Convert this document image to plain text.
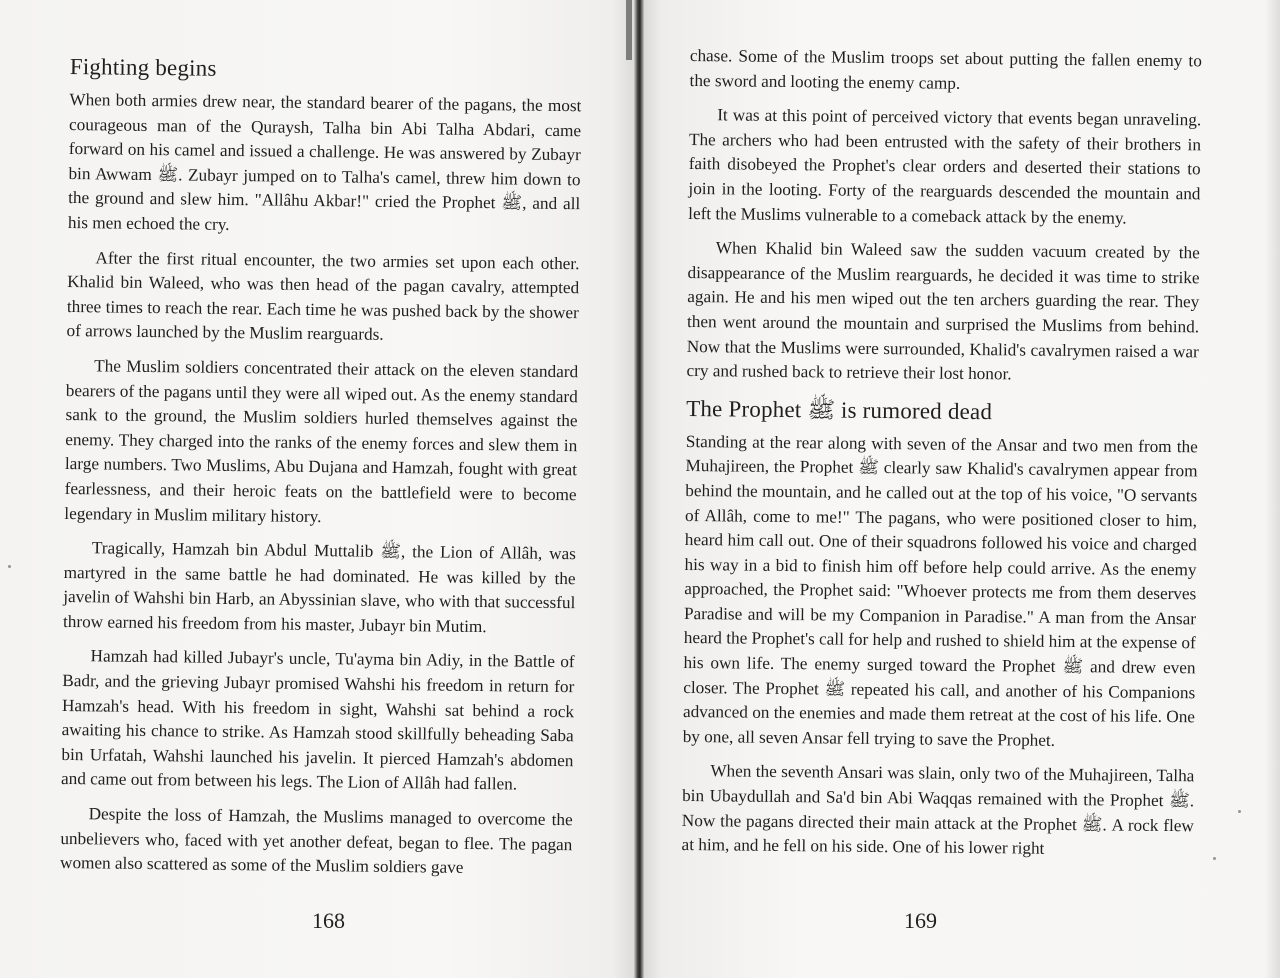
Fighting begins

When both armies drew near, the standard bearer of the pagans, the most courageous man of the Quraysh, Talha bin Abi Talha Abdari, came forward on his camel and issued a challenge. He was answered by Zubayr bin Awwam ﷺ. Zubayr jumped on to Talha's camel, threw him down to the ground and slew him. "Allâhu Akbar!" cried the Prophet ﷺ, and all his men echoed the cry.

After the first ritual encounter, the two armies set upon each other. Khalid bin Waleed, who was then head of the pagan cavalry, attempted three times to reach the rear. Each time he was pushed back by the shower of arrows launched by the Muslim rearguards.

The Muslim soldiers concentrated their attack on the eleven standard bearers of the pagans until they were all wiped out. As the enemy standard sank to the ground, the Muslim soldiers hurled themselves against the enemy. They charged into the ranks of the enemy forces and slew them in large numbers. Two Muslims, Abu Dujana and Hamzah, fought with great fearlessness, and their heroic feats on the battlefield were to become legendary in Muslim military history.

Tragically, Hamzah bin Abdul Muttalib ﷺ, the Lion of Allâh, was martyred in the same battle he had dominated. He was killed by the javelin of Wahshi bin Harb, an Abyssinian slave, who with that successful throw earned his freedom from his master, Jubayr bin Mutim.

Hamzah had killed Jubayr's uncle, Tu'ayma bin Adiy, in the Battle of Badr, and the grieving Jubayr promised Wahshi his freedom in return for Hamzah's head. With his freedom in sight, Wahshi sat behind a rock awaiting his chance to strike. As Hamzah stood skillfully beheading Saba bin Urfatah, Wahshi launched his javelin. It pierced Hamzah's abdomen and came out from between his legs. The Lion of Allâh had fallen.

Despite the loss of Hamzah, the Muslims managed to overcome the unbelievers who, faced with yet another defeat, began to flee. The pagan women also scattered as some of the Muslim soldiers gave

168

chase. Some of the Muslim troops set about putting the fallen enemy to the sword and looting the enemy camp.

It was at this point of perceived victory that events began unraveling. The archers who had been entrusted with the safety of their brothers in faith disobeyed the Prophet's clear orders and deserted their stations to join in the looting. Forty of the rearguards descended the mountain and left the Muslims vulnerable to a comeback attack by the enemy.

When Khalid bin Waleed saw the sudden vacuum created by the disappearance of the Muslim rearguards, he decided it was time to strike again. He and his men wiped out the ten archers guarding the rear. They then went around the mountain and surprised the Muslims from behind. Now that the Muslims were surrounded, Khalid's cavalrymen raised a war cry and rushed back to retrieve their lost honor.

The Prophet ﷺ is rumored dead

Standing at the rear along with seven of the Ansar and two men from the Muhajireen, the Prophet ﷺ clearly saw Khalid's cavalrymen appear from behind the mountain, and he called out at the top of his voice, "O servants of Allâh, come to me!" The pagans, who were positioned closer to him, heard him call out. One of their squadrons followed his voice and charged his way in a bid to finish him off before help could arrive. As the enemy approached, the Prophet said: "Whoever protects me from them deserves Paradise and will be my Companion in Paradise." A man from the Ansar heard the Prophet's call for help and rushed to shield him at the expense of his own life. The enemy surged toward the Prophet ﷺ and drew even closer. The Prophet ﷺ repeated his call, and another of his Companions advanced on the enemies and made them retreat at the cost of his life. One by one, all seven Ansar fell trying to save the Prophet.

When the seventh Ansari was slain, only two of the Muhajireen, Talha bin Ubaydullah and Sa'd bin Abi Waqqas remained with the Prophet ﷺ. Now the pagans directed their main attack at the Prophet ﷺ. A rock flew at him, and he fell on his side. One of his lower right

169
